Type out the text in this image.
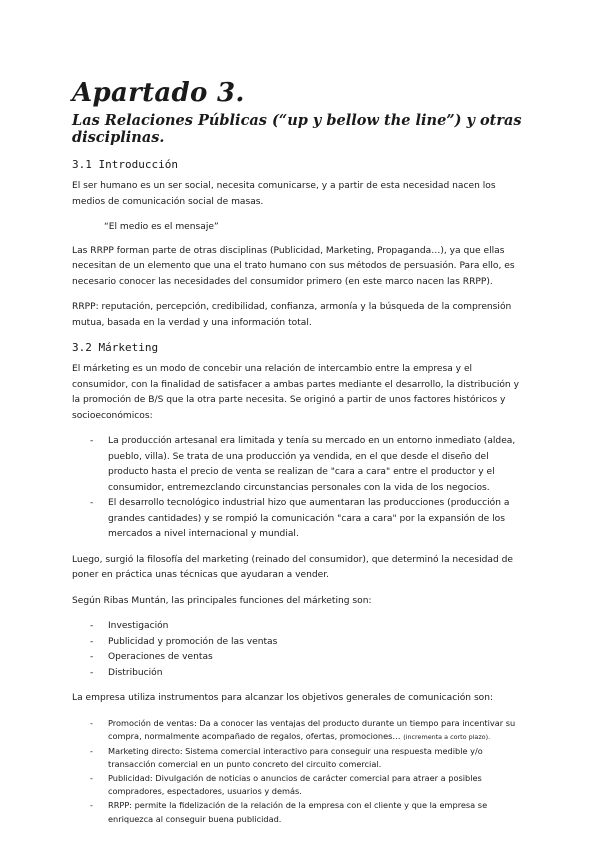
Apartado 3.
Las Relaciones Públicas (“up y bellow the line”) y otras disciplinas.
3.1 Introducción

El ser humano es un ser social, necesita comunicarse, y a partir de esta necesidad nacen los medios de comunicación social de masas.

“El medio es el mensaje”

Las RRPP forman parte de otras disciplinas (Publicidad, Marketing, Propaganda…), ya que ellas necesitan de un elemento que una el trato humano con sus métodos de persuasión. Para ello, es necesario conocer las necesidades del consumidor primero (en este marco nacen las RRPP).

RRPP: reputación, percepción, credibilidad, confianza, armonía y la búsqueda de la comprensión mutua, basada en la verdad y una información total.

3.2 Márketing

El márketing es un modo de concebir una relación de intercambio entre la empresa y el consumidor, con la finalidad de satisfacer a ambas partes mediante el desarrollo, la distribución y la promoción de B/S que la otra parte necesita. Se originó a partir de unos factores históricos y socioeconómicos:

- La producción artesanal era limitada y tenía su mercado en un entorno inmediato (aldea, pueblo, villa). Se trata de una producción ya vendida, en el que desde el diseño del producto hasta el precio de venta se realizan de "cara a cara" entre el productor y el consumidor, entremezclando circunstancias personales con la vida de los negocios.
- El desarrollo tecnológico industrial hizo que aumentaran las producciones (producción a grandes cantidades) y se rompió la comunicación "cara a cara" por la expansión de los mercados a nivel internacional y mundial.

Luego, surgió la filosofía del marketing (reinado del consumidor), que determinó la necesidad de poner en práctica unas técnicas que ayudaran a vender.

Según Ribas Muntán, las principales funciones del márketing son:

- Investigación
- Publicidad y promoción de las ventas
- Operaciones de ventas
- Distribución

La empresa utiliza instrumentos para alcanzar los objetivos generales de comunicación son:

- Promoción de ventas: Da a conocer las ventajas del producto durante un tiempo para incentivar su compra, normalmente acompañado de regalos, ofertas, promociones… (incrementa a corto plazo).
- Marketing directo: Sistema comercial interactivo para conseguir una respuesta medible y/o transacción comercial en un punto concreto del circuito comercial.
- Publicidad: Divulgación de noticias o anuncios de carácter comercial para atraer a posibles compradores, espectadores, usuarios y demás.
- RRPP: permite la fidelización de la relación de la empresa con el cliente y que la empresa se enriquezca al conseguir buena publicidad.
